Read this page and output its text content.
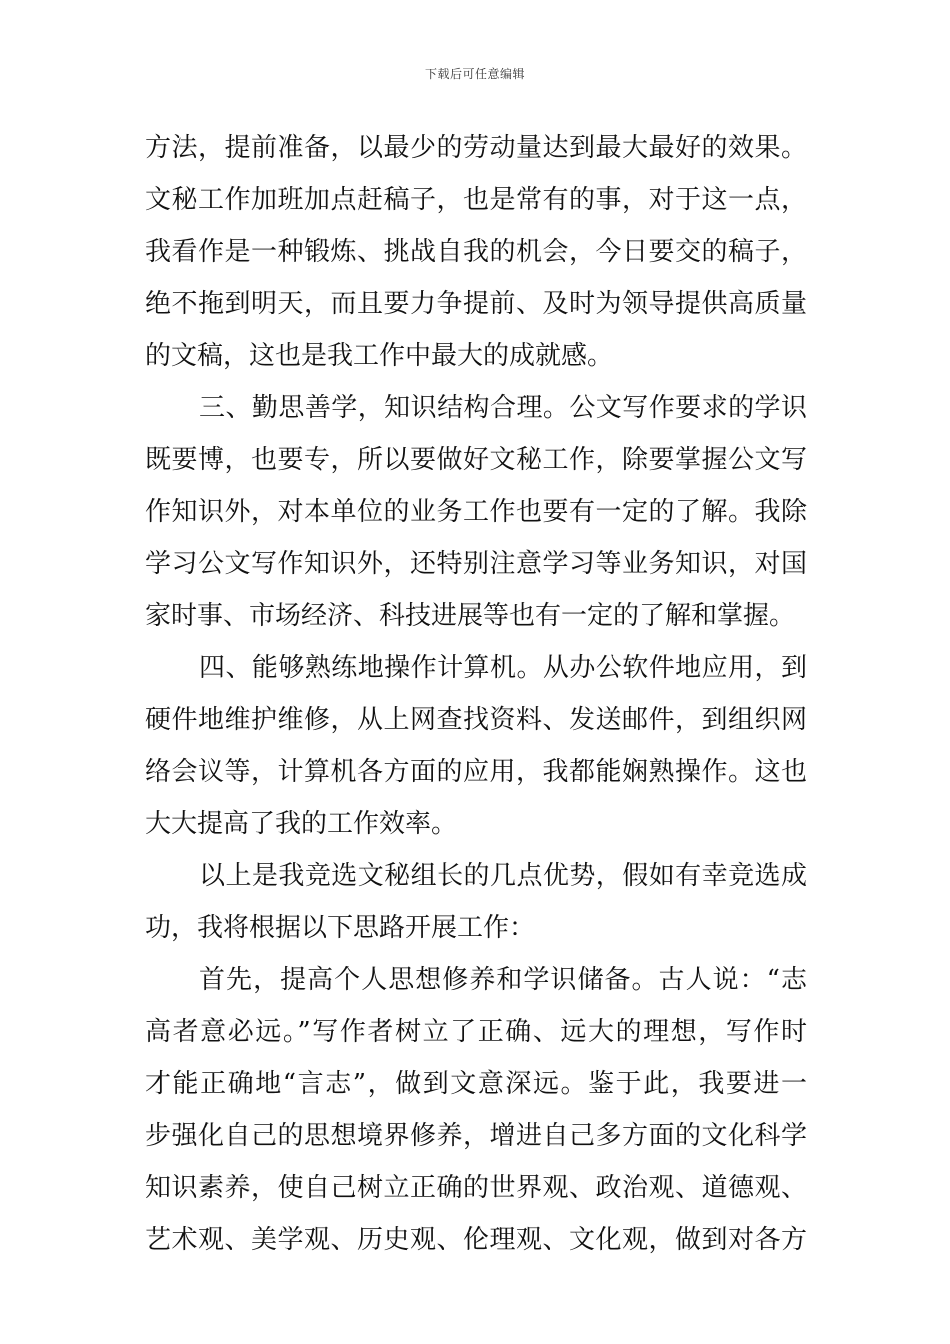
下载后可任意编辑
方法，提前准备，以最少的劳动量达到最大最好的效果。
文秘工作加班加点赶稿子，也是常有的事，对于这一点，
我看作是一种锻炼、挑战自我的机会，今日要交的稿子，
绝不拖到明天，而且要力争提前、及时为领导提供高质量
的文稿，这也是我工作中最大的成就感。
三、勤思善学，知识结构合理。公文写作要求的学识
既要博，也要专，所以要做好文秘工作，除要掌握公文写
作知识外，对本单位的业务工作也要有一定的了解。我除
学习公文写作知识外，还特别注意学习等业务知识，对国
家时事、市场经济、科技进展等也有一定的了解和掌握。
四、能够熟练地操作计算机。从办公软件地应用，到
硬件地维护维修，从上网查找资料、发送邮件，到组织网
络会议等，计算机各方面的应用，我都能娴熟操作。这也
大大提高了我的工作效率。
以上是我竞选文秘组长的几点优势，假如有幸竞选成
功，我将根据以下思路开展工作：
首先，提高个人思想修养和学识储备。古人说：“志
高者意必远。”写作者树立了正确、远大的理想，写作时
才能正确地“言志”，做到文意深远。鉴于此，我要进一
步强化自己的思想境界修养，增进自己多方面的文化科学
知识素养，使自己树立正确的世界观、政治观、道德观、
艺术观、美学观、历史观、伦理观、文化观，做到对各方
